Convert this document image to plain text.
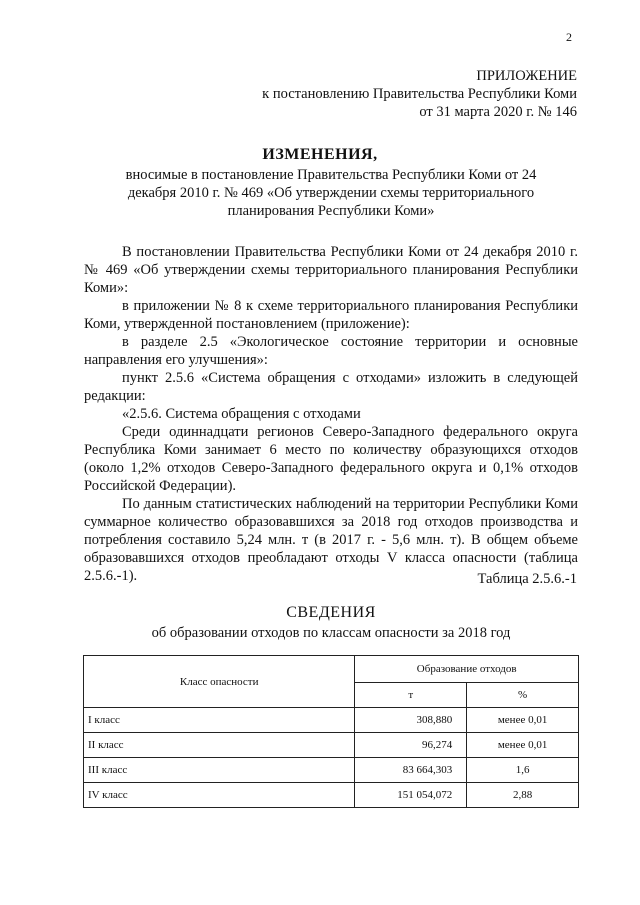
2
ПРИЛОЖЕНИЕ
к постановлению Правительства Республики Коми
от 31 марта 2020 г. № 146
ИЗМЕНЕНИЯ,
вносимые в постановление Правительства Республики Коми от 24 декабря 2010 г. № 469 «Об утверждении схемы территориального планирования Республики Коми»

В постановлении Правительства Республики Коми от 24 декабря 2010 г. № 469 «Об утверждении схемы территориального планирования Республики Коми»:

в приложении № 8 к схеме территориального планирования Республики Коми, утвержденной постановлением (приложение):

в разделе 2.5 «Экологическое состояние территории и основные направления его улучшения»:

пункт 2.5.6 «Система обращения с отходами» изложить в следующей редакции:

«2.5.6. Система обращения с отходами

Среди одиннадцати регионов Северо-Западного федерального округа Республика Коми занимает 6 место по количеству образующихся отходов (около 1,2% отходов Северо-Западного федерального округа и 0,1% отходов Российской Федерации).

По данным статистических наблюдений на территории Республики Коми суммарное количество образовавшихся за 2018 год отходов производства и потребления составило 5,24 млн. т (в 2017 г. - 5,6 млн. т). В общем объеме образовавшихся отходов преобладают отходы V класса опасности (таблица 2.5.6.-1).	Таблица 2.5.6.-1
СВЕДЕНИЯ
об образовании отходов по классам опасности за 2018 год
Класс опасности	Образование отходов	
	т	%
I класс	308,880	менее 0,01
II класс	96,274	менее 0,01
III класс	83 664,303	1,6
IV класс	151 054,072	2,88
